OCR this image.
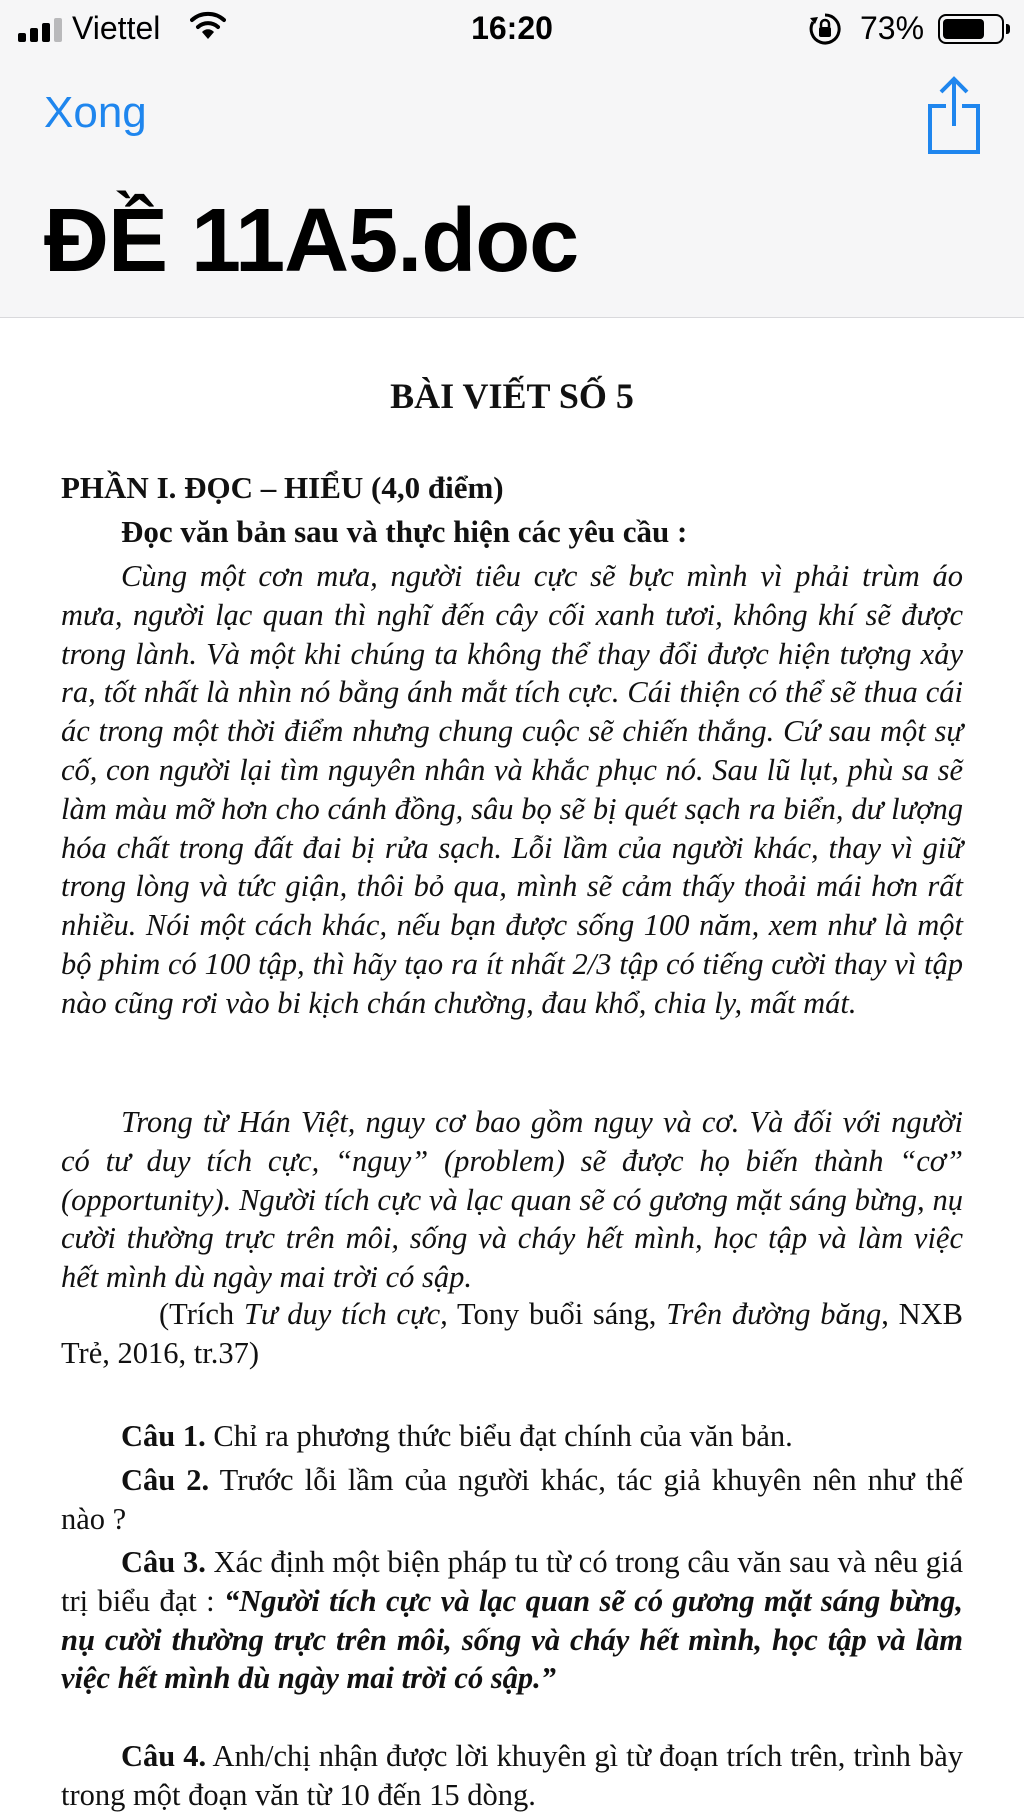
Viettel	16:20	73%
Xong
ĐỀ 11A5.doc
BÀI VIẾT SỐ 5
PHẦN I. ĐỌC – HIỂU (4,0 điểm)
Đọc văn bản sau và thực hiện các yêu cầu :
Cùng một cơn mưa, người tiêu cực sẽ bực mình vì phải trùm áo mưa, người lạc quan thì nghĩ đến cây cối xanh tươi, không khí sẽ được trong lành. Và một khi chúng ta không thể thay đổi được hiện tượng xảy ra, tốt nhất là nhìn nó bằng ánh mắt tích cực. Cái thiện có thể sẽ thua cái ác trong một thời điểm nhưng chung cuộc sẽ chiến thắng. Cứ sau một sự cố, con người lại tìm nguyên nhân và khắc phục nó. Sau lũ lụt, phù sa sẽ làm màu mỡ hơn cho cánh đồng, sâu bọ sẽ bị quét sạch ra biển, dư lượng hóa chất trong đất đai bị rửa sạch. Lỗi lầm của người khác, thay vì giữ trong lòng và tức giận, thôi bỏ qua, mình sẽ cảm thấy thoải mái hơn rất nhiều. Nói một cách khác, nếu bạn được sống 100 năm, xem như là một bộ phim có 100 tập, thì hãy tạo ra ít nhất 2/3 tập có tiếng cười thay vì tập nào cũng rơi vào bi kịch chán chường, đau khổ, chia ly, mất mát.
Trong từ Hán Việt, nguy cơ bao gồm nguy và cơ. Và đối với người có tư duy tích cực, “nguy” (problem) sẽ được họ biến thành “cơ” (opportunity). Người tích cực và lạc quan sẽ có gương mặt sáng bừng, nụ cười thường trực trên môi, sống và cháy hết mình, học tập và làm việc hết mình dù ngày mai trời có sập.
(Trích Tư duy tích cực, Tony buổi sáng, Trên đường băng, NXB Trẻ, 2016, tr.37)
Câu 1. Chỉ ra phương thức biểu đạt chính của văn bản.
Câu 2. Trước lỗi lầm của người khác, tác giả khuyên nên như thế nào ?
Câu 3. Xác định một biện pháp tu từ có trong câu văn sau và nêu giá trị biểu đạt : “Người tích cực và lạc quan sẽ có gương mặt sáng bừng, nụ cười thường trực trên môi, sống và cháy hết mình, học tập và làm việc hết mình dù ngày mai trời có sập.”
Câu 4. Anh/chị nhận được lời khuyên gì từ đoạn trích trên, trình bày trong một đoạn văn từ 10 đến 15 dòng.
